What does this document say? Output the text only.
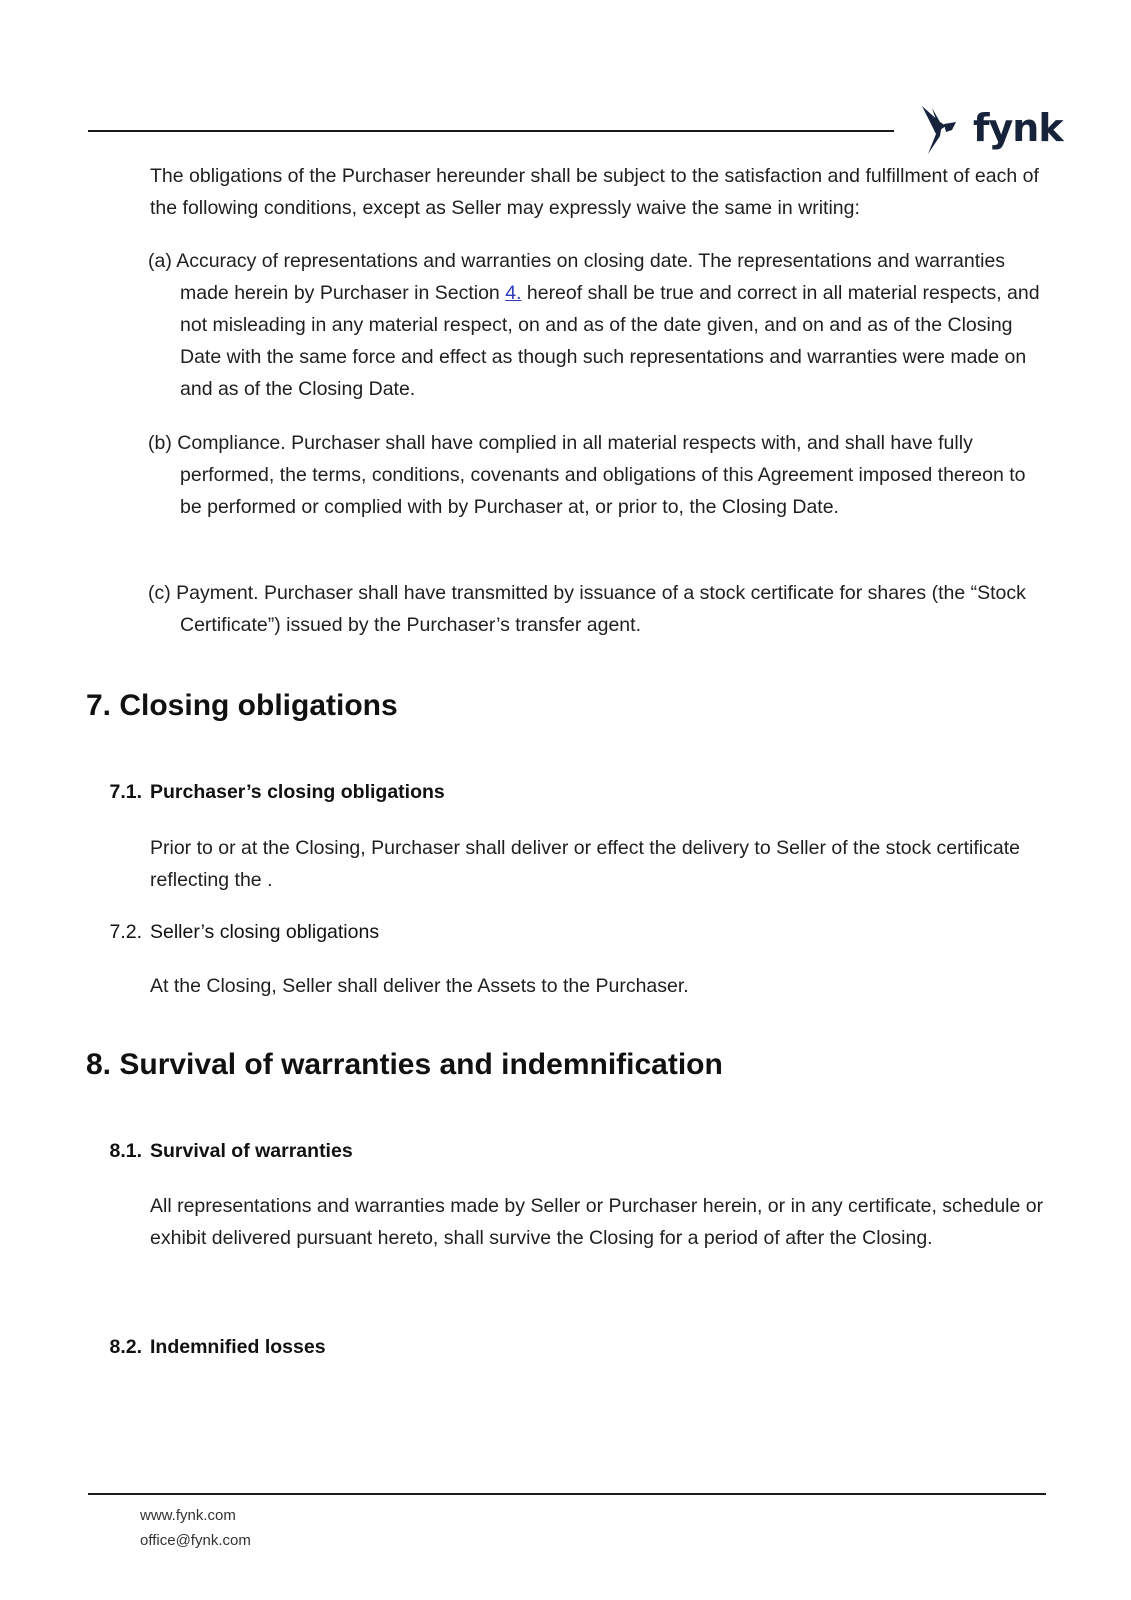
fynk

The obligations of the Purchaser hereunder shall be subject to the satisfaction and fulfillment of each of the following conditions, except as Seller may expressly waive the same in writing:

(a) Accuracy of representations and warranties on closing date. The representations and warranties made herein by Purchaser in Section 4. hereof shall be true and correct in all material respects, and not misleading in any material respect, on and as of the date given, and on and as of the Closing Date with the same force and effect as though such representations and warranties were made on and as of the Closing Date.
(b) Compliance. Purchaser shall have complied in all material respects with, and shall have fully performed, the terms, conditions, covenants and obligations of this Agreement imposed thereon to be performed or complied with by Purchaser at, or prior to, the Closing Date.
(c) Payment. Purchaser shall have transmitted by issuance of a stock certificate for shares (the “Stock Certificate”) issued by the Purchaser’s transfer agent.
7. Closing obligations
7.1. Purchaser’s closing obligations

Prior to or at the Closing, Purchaser shall deliver or effect the delivery to Seller of the stock certificate reflecting the .

7.2. Seller’s closing obligations

At the Closing, Seller shall deliver the Assets to the Purchaser.

8. Survival of warranties and indemnification
8.1. Survival of warranties

All representations and warranties made by Seller or Purchaser herein, or in any certificate, schedule or exhibit delivered pursuant hereto, shall survive the Closing for a period of after the Closing.

8.2. Indemnified losses
www.fynk.com
office@fynk.com
